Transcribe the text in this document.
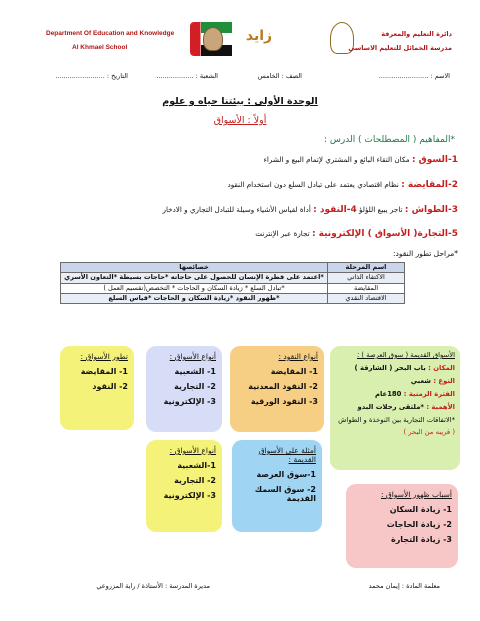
Department Of Education and Knowledge
Al Khmael School
زايد	دائرة التعليم والمعرفة
مدرسة الخمائل للتعليم الاساسي
الاسم : ........................
الصف : الخامس
الشعبة : ..................
التاريخ : ........................
الوحدة الأولى : بيئتنا حياه و علوم
أولاً : الأسواق
*المفاهيم ( المصطلحات ) الدرس :
1-السوق : مكان التقاء البائع و المشتري لإتمام البيع و الشراء
2-المقايضة : نظام اقتصادي يعتمد على تبادل السلع دون استخدام النقود
3-الطواش : تاجر يبيع اللؤلؤ 4-النقود : أداة لقياس الأشياء وسيلة للتبادل التجاري و الادخار
5-التجارة( الأسواق ) الإلكترونية : تجارة عبر الإنترنت
*مراحل تطور النقود:
اسم المرحلة	خصائصها
الاكتفاء الذاتي	*اعتمد على فطرة الإنسان للحصول على حاجاته *حاجات بسيطة *التعاون الأسري
المقايضة	*تبادل السلع * زيادة السكان و الحاجات * التخصص(تقسيم العمل )
الاقتصاد النقدي	*ظهور النقود *زيادة السكان و الحاجات *قياس السلع
تطور الأسواق :
1- المقايضة
2- النقود
أنواع الأسواق :
1- الشعبية
2- التجارية
3- الإلكترونية
أنواع النقود :
1- المقايضة
2- النقود المعدنية
3- النقود الورقية
الأسواق القديمة ( سوق العرصة ) :
المكان : باب البحر ( الشارقة )
النوع : شعبي
الفترة الزمنية : 180عام
الأهمية : *ملتقى رحلات البدو
*الاتفاقات التجارية بين النوخذة و الطواش
( قريبه من البحر )
أنواع الأسواق :
1-الشعبية
2- التجارية
3- الإلكترونية
أمثلة على الأسواق القديمة :
1-سوق العرصة
2- سوق السمك القديمة	أسباب ظهور الأسواق :
1- زيادة السكان
2- زيادة الحاجات
3- زيادة التجارة
معلمة المادة : إيمان محمد
مديرة المدرسة : الأستاذة / راية المزروعي
